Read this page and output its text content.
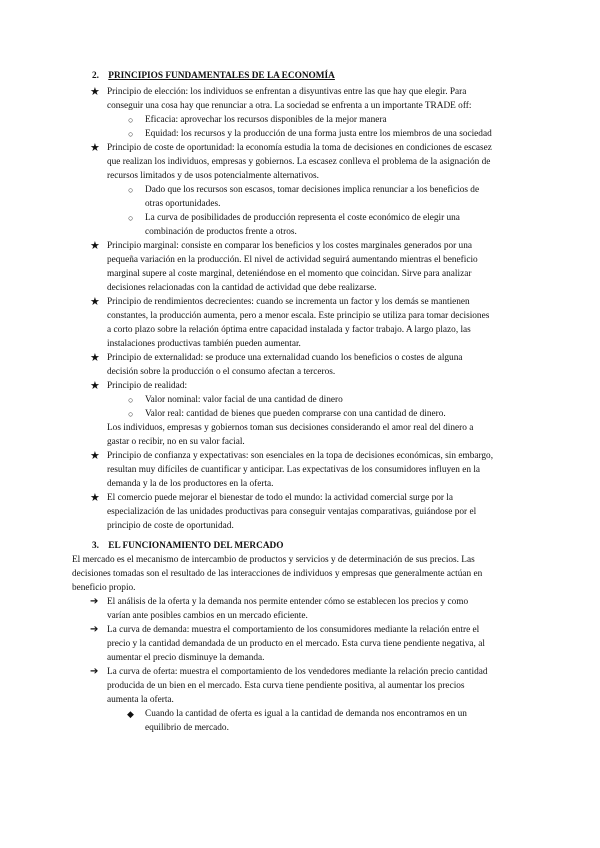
2. PRINCIPIOS FUNDAMENTALES DE LA ECONOMÍA
★ Principio de elección: los individuos se enfrentan a disyuntivas entre las que hay que elegir. Para
conseguir una cosa hay que renunciar a otra. La sociedad se enfrenta a un importante TRADE off:
○ Eficacia: aprovechar los recursos disponibles de la mejor manera
○ Equidad: los recursos y la producción de una forma justa entre los miembros de una sociedad
★ Principio de coste de oportunidad: la economía estudia la toma de decisiones en condiciones de escasez
que realizan los individuos, empresas y gobiernos. La escasez conlleva el problema de la asignación de
recursos limitados y de usos potencialmente alternativos.
○ Dado que los recursos son escasos, tomar decisiones implica renunciar a los beneficios de
otras oportunidades.
○ La curva de posibilidades de producción representa el coste económico de elegir una
combinación de productos frente a otros.
★ Principio marginal: consiste en comparar los beneficios y los costes marginales generados por una
pequeña variación en la producción. El nivel de actividad seguirá aumentando mientras el beneficio
marginal supere al coste marginal, deteniéndose en el momento que coincidan. Sirve para analizar
decisiones relacionadas con la cantidad de actividad que debe realizarse.
★ Principio de rendimientos decrecientes: cuando se incrementa un factor y los demás se mantienen
constantes, la producción aumenta, pero a menor escala. Este principio se utiliza para tomar decisiones
a corto plazo sobre la relación óptima entre capacidad instalada y factor trabajo. A largo plazo, las
instalaciones productivas también pueden aumentar.
★ Principio de externalidad: se produce una externalidad cuando los beneficios o costes de alguna
decisión sobre la producción o el consumo afectan a terceros.
★ Principio de realidad:
○ Valor nominal: valor facial de una cantidad de dinero
○ Valor real: cantidad de bienes que pueden comprarse con una cantidad de dinero.
Los individuos, empresas y gobiernos toman sus decisiones considerando el amor real del dinero a
gastar o recibir, no en su valor facial.
★ Principio de confianza y expectativas: son esenciales en la topa de decisiones económicas, sin embargo,
resultan muy difíciles de cuantificar y anticipar. Las expectativas de los consumidores influyen en la
demanda y la de los productores en la oferta.
★ El comercio puede mejorar el bienestar de todo el mundo: la actividad comercial surge por la
especialización de las unidades productivas para conseguir ventajas comparativas, guiándose por el
principio de coste de oportunidad.
3. EL FUNCIONAMIENTO DEL MERCADO
El mercado es el mecanismo de intercambio de productos y servicios y de determinación de sus precios. Las
decisiones tomadas son el resultado de las interacciones de individuos y empresas que generalmente actúan en
beneficio propio.
➔ El análisis de la oferta y la demanda nos permite entender cómo se establecen los precios y como
varían ante posibles cambios en un mercado eficiente.
➔ La curva de demanda: muestra el comportamiento de los consumidores mediante la relación entre el
precio y la cantidad demandada de un producto en el mercado. Esta curva tiene pendiente negativa, al
aumentar el precio disminuye la demanda.
➔ La curva de oferta: muestra el comportamiento de los vendedores mediante la relación precio cantidad
producida de un bien en el mercado. Esta curva tiene pendiente positiva, al aumentar los precios
aumenta la oferta.
◆ Cuando la cantidad de oferta es igual a la cantidad de demanda nos encontramos en un
equilibrio de mercado.
